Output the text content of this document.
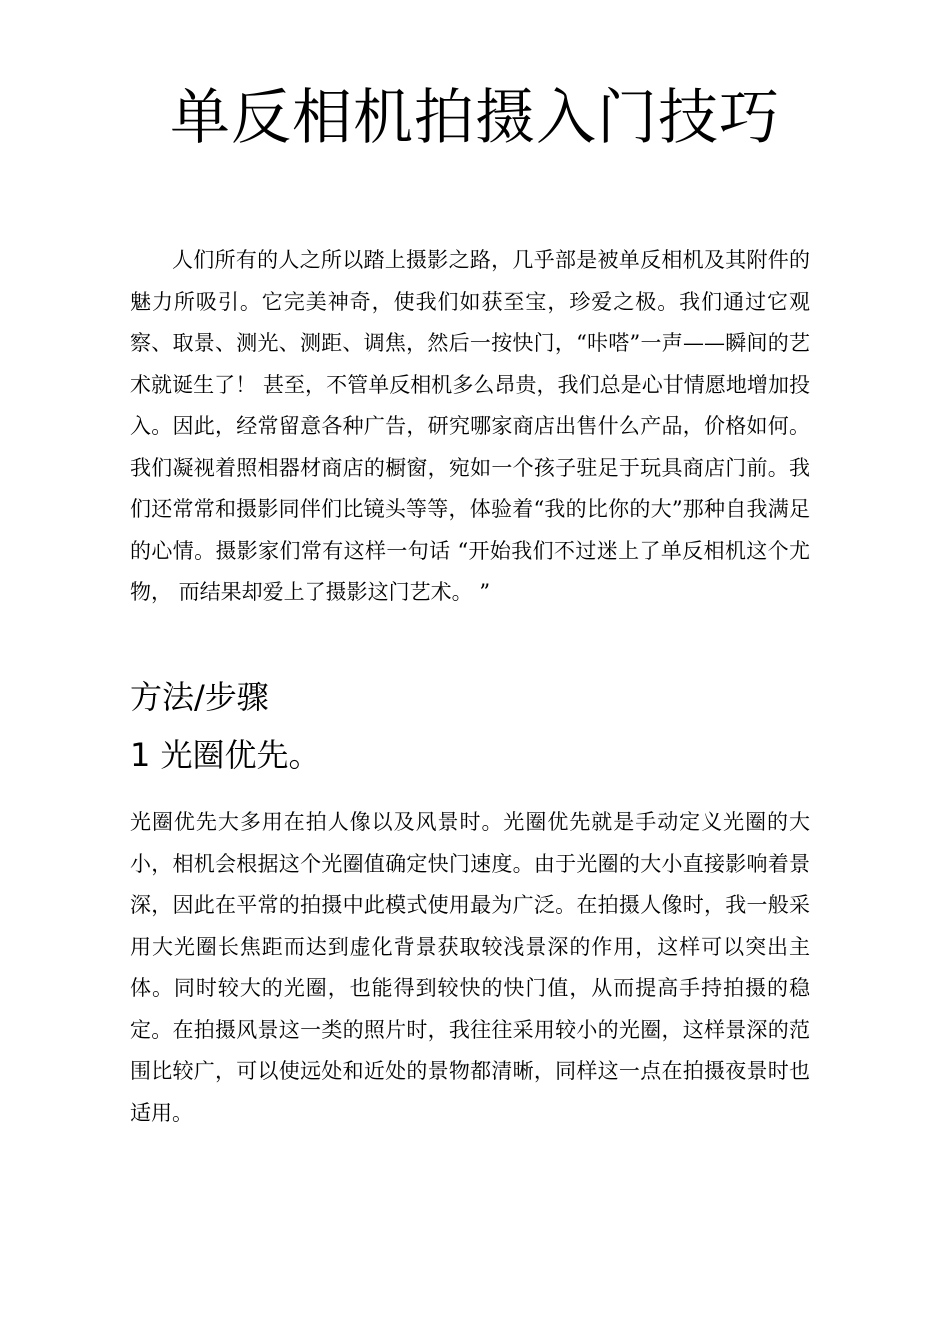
单反相机拍摄入门技巧

人们所有的人之所以踏上摄影之路，几乎部是被单反相机及其附件的魅力所吸引。它完美神奇，使我们如获至宝，珍爱之极。我们通过它观察、取景、测光、测距、调焦，然后一按快门，“咔嗒”一声——瞬间的艺术就诞生了！ 甚至，不管单反相机多么昂贵，我们总是心甘情愿地增加投入。因此，经常留意各种广告，研究哪家商店出售什么产品，价格如何。我们凝视着照相器材商店的橱窗，宛如一个孩子驻足于玩具商店门前。我们还常常和摄影同伴们比镜头等等，体验着“我的比你的大”那种自我满足的心情。摄影家们常有这样一句话 “开始我们不过迷上了单反相机这个尤物， 而结果却爱上了摄影这门艺术。 ”

方法/步骤
1 光圈优先。

光圈优先大多用在拍人像以及风景时。光圈优先就是手动定义光圈的大小，相机会根据这个光圈值确定快门速度。由于光圈的大小直接影响着景深，因此在平常的拍摄中此模式使用最为广泛。在拍摄人像时，我一般采用大光圈长焦距而达到虚化背景获取较浅景深的作用，这样可以突出主体。同时较大的光圈，也能得到较快的快门值，从而提高手持拍摄的稳定。在拍摄风景这一类的照片时，我往往采用较小的光圈，这样景深的范围比较广，可以使远处和近处的景物都清晰，同样这一点在拍摄夜景时也适用。
